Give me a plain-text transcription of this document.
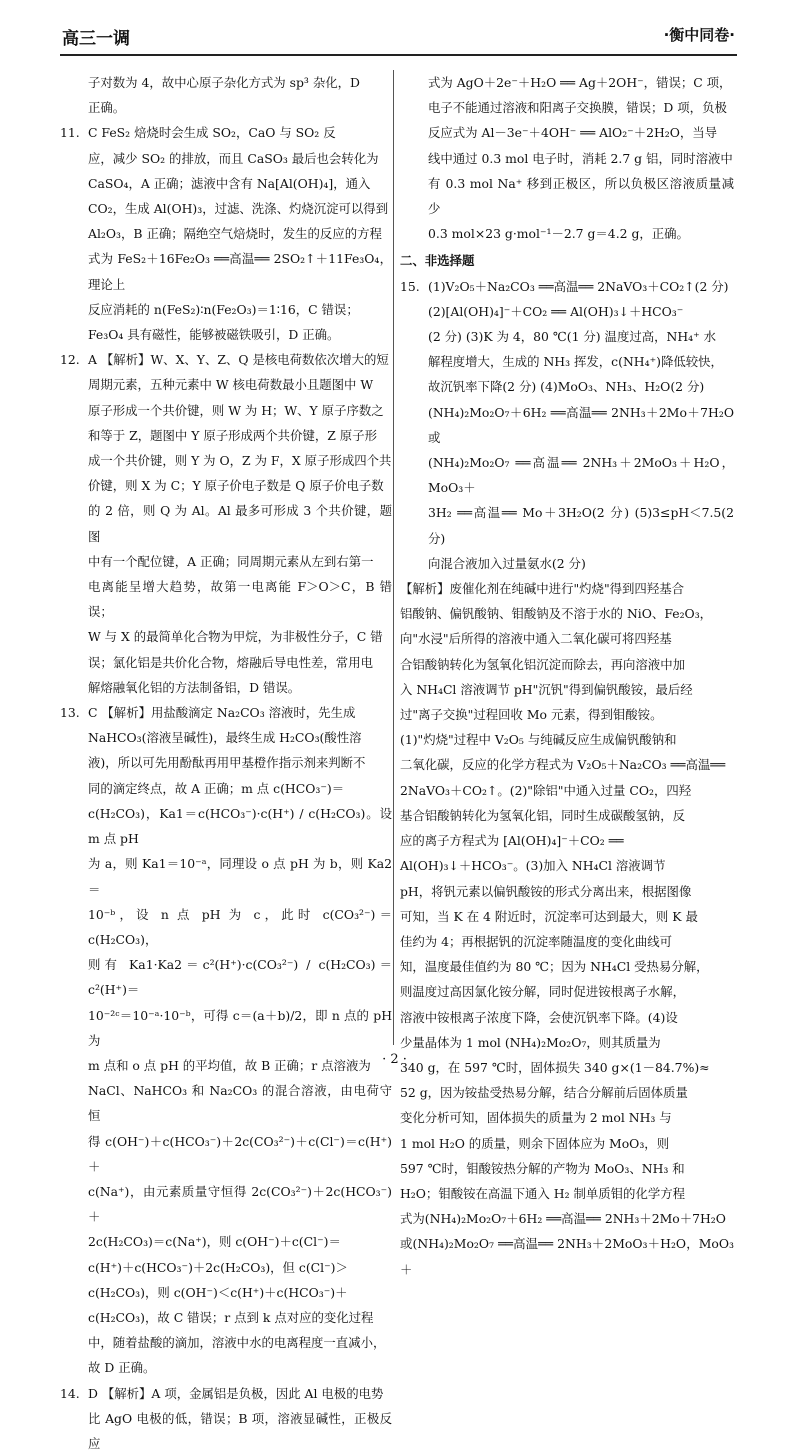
高三一调	·衡中同卷·

子对数为 4，故中心原子杂化方式为 sp³ 杂化，D

正确。

11. C FeS₂ 焙烧时会生成 SO₂，CaO 与 SO₂ 反

应，减少 SO₂ 的排放，而且 CaSO₃ 最后也会转化为

CaSO₄，A 正确；滤液中含有 Na[Al(OH)₄]，通入

CO₂，生成 Al(OH)₃，过滤、洗涤、灼烧沉淀可以得到

Al₂O₃，B 正确；隔绝空气焙烧时，发生的反应的方程

式为 FeS₂＋16Fe₂O₃ ══高温══ 2SO₂↑＋11Fe₃O₄，理论上

反应消耗的 n(FeS₂)∶n(Fe₂O₃)＝1∶16，C 错误；

Fe₃O₄ 具有磁性，能够被磁铁吸引，D 正确。

12. A 【解析】W、X、Y、Z、Q 是核电荷数依次增大的短

周期元素，五种元素中 W 核电荷数最小且题图中 W

原子形成一个共价键，则 W 为 H；W、Y 原子序数之

和等于 Z，题图中 Y 原子形成两个共价键，Z 原子形

成一个共价键，则 Y 为 O，Z 为 F，X 原子形成四个共

价键，则 X 为 C；Y 原子价电子数是 Q 原子价电子数

的 2 倍，则 Q 为 Al。Al 最多可形成 3 个共价键，题图

中有一个配位键，A 正确；同周期元素从左到右第一

电离能呈增大趋势，故第一电离能 F＞O＞C，B 错误；

W 与 X 的最简单化合物为甲烷，为非极性分子，C 错

误；氯化铝是共价化合物，熔融后导电性差，常用电

解熔融氧化铝的方法制备铝，D 错误。

13. C 【解析】用盐酸滴定 Na₂CO₃ 溶液时，先生成

NaHCO₃(溶液呈碱性)，最终生成 H₂CO₃(酸性溶

液)，所以可先用酚酞再用甲基橙作指示剂来判断不

同的滴定终点，故 A 正确；m 点 c(HCO₃⁻)＝

c(H₂CO₃)，Ka1＝c(HCO₃⁻)·c(H⁺) / c(H₂CO₃)。设 m 点 pH

为 a，则 Ka1＝10⁻ᵃ，同理设 o 点 pH 为 b，则 Ka2＝

10⁻ᵇ，设 n 点 pH 为 c，此时 c(CO₃²⁻)＝c(H₂CO₃)，

则有 Ka1·Ka2＝c²(H⁺)·c(CO₃²⁻) / c(H₂CO₃)＝c²(H⁺)＝

10⁻²ᶜ＝10⁻ᵃ·10⁻ᵇ，可得 c＝(a＋b)/2，即 n 点的 pH 为

m 点和 o 点 pH 的平均值，故 B 正确；r 点溶液为

NaCl、NaHCO₃ 和 Na₂CO₃ 的混合溶液，由电荷守恒

得 c(OH⁻)＋c(HCO₃⁻)＋2c(CO₃²⁻)＋c(Cl⁻)＝c(H⁺)＋

c(Na⁺)，由元素质量守恒得 2c(CO₃²⁻)＋2c(HCO₃⁻)＋

2c(H₂CO₃)＝c(Na⁺)，则 c(OH⁻)＋c(Cl⁻)＝

c(H⁺)＋c(HCO₃⁻)＋2c(H₂CO₃)，但 c(Cl⁻)＞

c(H₂CO₃)，则 c(OH⁻)＜c(H⁺)＋c(HCO₃⁻)＋

c(H₂CO₃)，故 C 错误；r 点到 k 点对应的变化过程

中，随着盐酸的滴加，溶液中水的电离程度一直减小，

故 D 正确。

14. D 【解析】A 项，金属铝是负极，因此 Al 电极的电势

比 AgO 电极的低，错误；B 项，溶液显碱性，正极反应

式为 AgO＋2e⁻＋H₂O ══ Ag＋2OH⁻，错误；C 项，

电子不能通过溶液和阳离子交换膜，错误；D 项，负极

反应式为 Al－3e⁻＋4OH⁻ ══ AlO₂⁻＋2H₂O，当导

线中通过 0.3 mol 电子时，消耗 2.7 g 铝，同时溶液中

有 0.3 mol Na⁺ 移到正极区，所以负极区溶液质量减少

0.3 mol×23 g·mol⁻¹－2.7 g＝4.2 g，正确。

二、非选择题

15. (1)V₂O₅＋Na₂CO₃ ══高温══ 2NaVO₃＋CO₂↑(2 分)

(2)[Al(OH)₄]⁻＋CO₂ ══ Al(OH)₃↓＋HCO₃⁻

(2 分) (3)K 为 4，80 ℃(1 分) 温度过高，NH₄⁺ 水

解程度增大，生成的 NH₃ 挥发，c(NH₄⁺)降低较快，

故沉钒率下降(2 分) (4)MoO₃、NH₃、H₂O(2 分)

(NH₄)₂Mo₂O₇＋6H₂ ══高温══ 2NH₃＋2Mo＋7H₂O 或

(NH₄)₂Mo₂O₇ ══高温══ 2NH₃＋2MoO₃＋H₂O，MoO₃＋

3H₂ ══高温══ Mo＋3H₂O(2 分) (5)3≤pH＜7.5(2 分)

向混合液加入过量氨水(2 分)

【解析】废催化剂在纯碱中进行"灼烧"得到四羟基合

铝酸钠、偏钒酸钠、钼酸钠及不溶于水的 NiO、Fe₂O₃，

向"水浸"后所得的溶液中通入二氧化碳可将四羟基

合铝酸钠转化为氢氧化铝沉淀而除去，再向溶液中加

入 NH₄Cl 溶液调节 pH"沉钒"得到偏钒酸铵，最后经

过"离子交换"过程回收 Mo 元素，得到钼酸铵。

(1)"灼烧"过程中 V₂O₅ 与纯碱反应生成偏钒酸钠和

二氧化碳，反应的化学方程式为 V₂O₅＋Na₂CO₃ ══高温══

2NaVO₃＋CO₂↑。(2)"除铝"中通入过量 CO₂，四羟

基合铝酸钠转化为氢氧化铝，同时生成碳酸氢钠，反

应的离子方程式为 [Al(OH)₄]⁻＋CO₂ ══

Al(OH)₃↓＋HCO₃⁻。(3)加入 NH₄Cl 溶液调节

pH，将钒元素以偏钒酸铵的形式分离出来，根据图像

可知，当 K 在 4 附近时，沉淀率可达到最大，则 K 最

佳约为 4；再根据钒的沉淀率随温度的变化曲线可

知，温度最佳值约为 80 ℃；因为 NH₄Cl 受热易分解，

则温度过高因氯化铵分解，同时促进铵根离子水解，

溶液中铵根离子浓度下降，会使沉钒率下降。(4)设

少量晶体为 1 mol (NH₄)₂Mo₂O₇，则其质量为

340 g，在 597 ℃时，固体损失 340 g×(1－84.7%)≈

52 g，因为铵盐受热易分解，结合分解前后固体质量

变化分析可知，固体损失的质量为 2 mol NH₃ 与

1 mol H₂O 的质量，则余下固体应为 MoO₃，则

597 ℃时，钼酸铵热分解的产物为 MoO₃、NH₃ 和

H₂O；钼酸铵在高温下通入 H₂ 制单质钼的化学方程

式为(NH₄)₂Mo₂O₇＋6H₂ ══高温══ 2NH₃＋2Mo＋7H₂O

或(NH₄)₂Mo₂O₇ ══高温══ 2NH₃＋2MoO₃＋H₂O，MoO₃＋

· 2 ·
